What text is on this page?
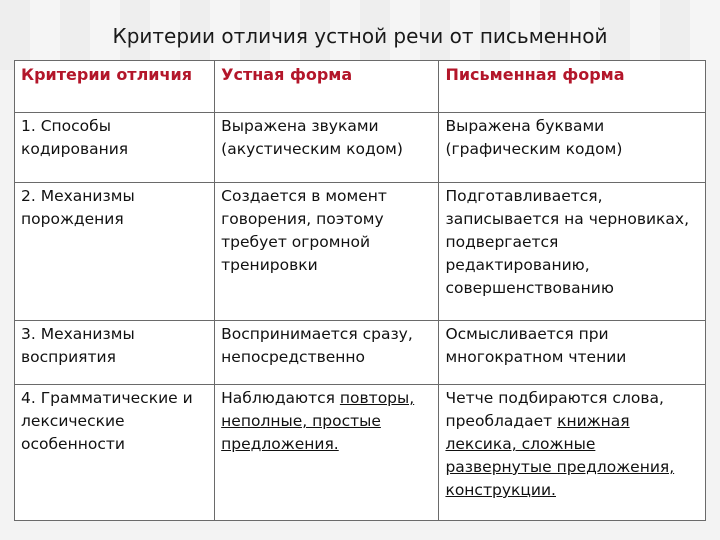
Критерии отличия устной речи от письменной
Критерии отличия	Устная форма	Письменная форма
1. Способы кодирования	Выражена звуками (акустическим кодом)	Выражена буквами (графическим кодом)
2. Механизмы порождения	Создается в момент говорения, поэтому требует огромной тренировки	Подготавливается, записывается на черновиках, подвергается редактированию, совершенствованию
3. Механизмы восприятия	Воспринимается сразу, непосредственно	Осмысливается при многократном чтении
4. Грамматические и лексические особенности	Наблюдаются повторы, неполные, простые предложения.	Четче подбираются слова, преобладает книжная лексика, сложные развернутые предложения, конструкции.
